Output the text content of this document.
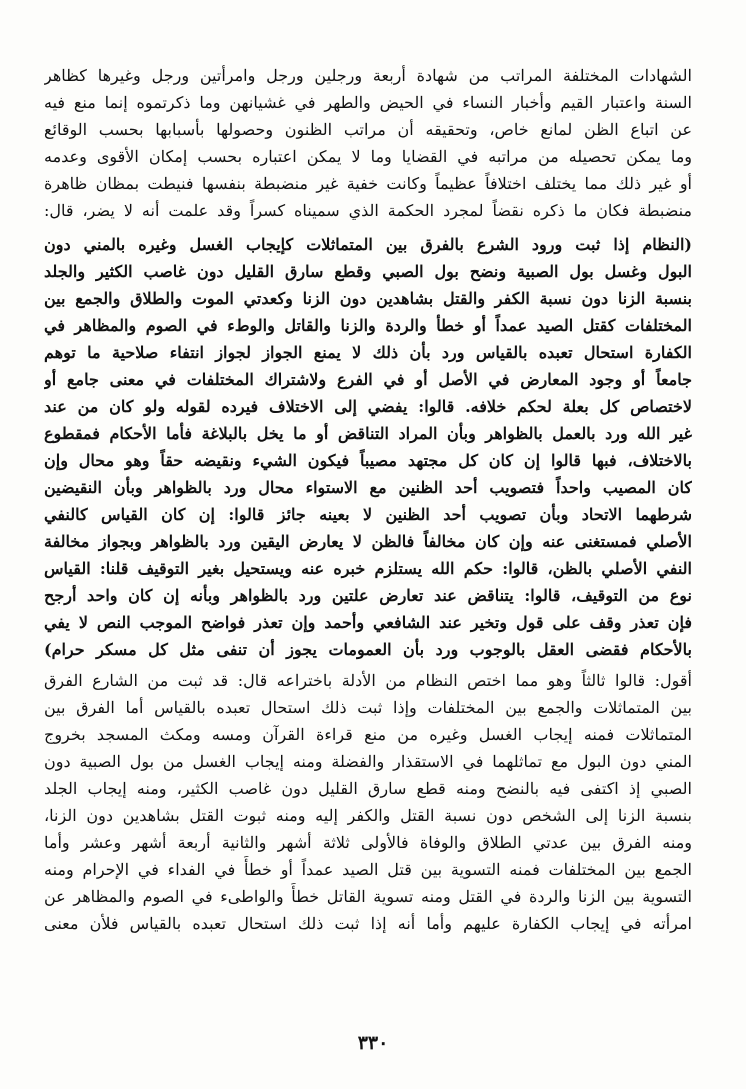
الشهادات المختلفة المراتب من شهادة أربعة ورجلين ورجل وامرأتين ورجل وغيرها كظاهر
السنة واعتبار القيم وأخبار النساء في الحيض والطهر في غشيانهن وما ذكرتموه إنما منع فيه
عن اتباع الظن لمانع خاص، وتحقيقه أن مراتب الظنون وحصولها بأسبابها بحسب الوقائع
وما يمكن تحصيله من مراتبه في القضايا وما لا يمكن اعتباره بحسب إمكان الأقوى وعدمه
أو غير ذلك مما يختلف اختلافاً عظيماً وكانت خفية غير منضبطة بنفسها فنيطت بمظان ظاهرة
منضبطة فكان ما ذكره نقضاً لمجرد الحكمة الذي سميناه كسراً وقد علمت أنه لا يضر، قال:
(النظام إذا ثبت ورود الشرع بالفرق بين المتماثلات كإيجاب الغسل وغيره بالمني دون
البول وغسل بول الصبية ونضح بول الصبي وقطع سارق القليل دون غاصب الكثير والجلد
بنسبة الزنا دون نسبة الكفر والقتل بشاهدين دون الزنا وكعدتي الموت والطلاق والجمع بين
المختلفات كقتل الصيد عمداً أو خطأ والردة والزنا والقاتل والوطء في الصوم والمظاهر في
الكفارة استحال تعبده بالقياس ورد بأن ذلك لا يمنع الجواز لجواز انتفاء صلاحية ما توهم
جامعاً أو وجود المعارض في الأصل أو في الفرع ولاشتراك المختلفات في معنى جامع أو
لاختصاص كل بعلة لحكم خلافه. قالوا: يفضي إلى الاختلاف فيرده لقوله ولو كان من عند
غير الله ورد بالعمل بالظواهر وبأن المراد التناقض أو ما يخل بالبلاغة فأما الأحكام فمقطوع
بالاختلاف، فبها قالوا إن كان كل مجتهد مصيباً فيكون الشيء ونقيضه حقاً وهو محال وإن
كان المصيب واحداً فتصويب أحد الظنين مع الاستواء محال ورد بالظواهر وبأن النقيضين
شرطهما الاتحاد وبأن تصويب أحد الظنين لا بعينه جائز قالوا: إن كان القياس كالنفي
الأصلي فمستغنى عنه وإن كان مخالفاً فالظن لا يعارض اليقين ورد بالظواهر وبجواز مخالفة
النفي الأصلي بالظن، قالوا: حكم الله يستلزم خبره عنه ويستحيل بغير التوقيف قلنا: القياس
نوع من التوقيف، قالوا: يتناقض عند تعارض علتين ورد بالظواهر وبأنه إن كان واحد أرجح
فإن تعذر وقف على قول وتخير عند الشافعي وأحمد وإن تعذر فواضح الموجب النص لا يفي
بالأحكام فقضى العقل بالوجوب ورد بأن العمومات يجوز أن تنفى مثل كل مسكر حرام)
أقول: قالوا ثالثاً وهو مما اختص النظام من الأدلة باختراعه قال: قد ثبت من الشارع الفرق
بين المتماثلات والجمع بين المختلفات وإذا ثبت ذلك استحال تعبده بالقياس أما الفرق بين
المتماثلات فمنه إيجاب الغسل وغيره من منع قراءة القرآن ومسه ومكث المسجد بخروج
المني دون البول مع تماثلهما في الاستقذار والفضلة ومنه إيجاب الغسل من بول الصبية دون
الصبي إذ اكتفى فيه بالنضح ومنه قطع سارق القليل دون غاصب الكثير، ومنه إيجاب الجلد
بنسبة الزنا إلى الشخص دون نسبة القتل والكفر إليه ومنه ثبوت القتل بشاهدين دون الزنا،
ومنه الفرق بين عدتي الطلاق والوفاة فالأولى ثلاثة أشهر والثانية أربعة أشهر وعشر وأما
الجمع بين المختلفات فمنه التسوية بين قتل الصيد عمداً أو خطأً في الفداء في الإحرام ومنه
التسوية بين الزنا والردة في القتل ومنه تسوية القاتل خطأً والواطىء في الصوم والمظاهر عن
امرأته في إيجاب الكفارة عليهم وأما أنه إذا ثبت ذلك استحال تعبده بالقياس فلأن معنى
٣٣٠
